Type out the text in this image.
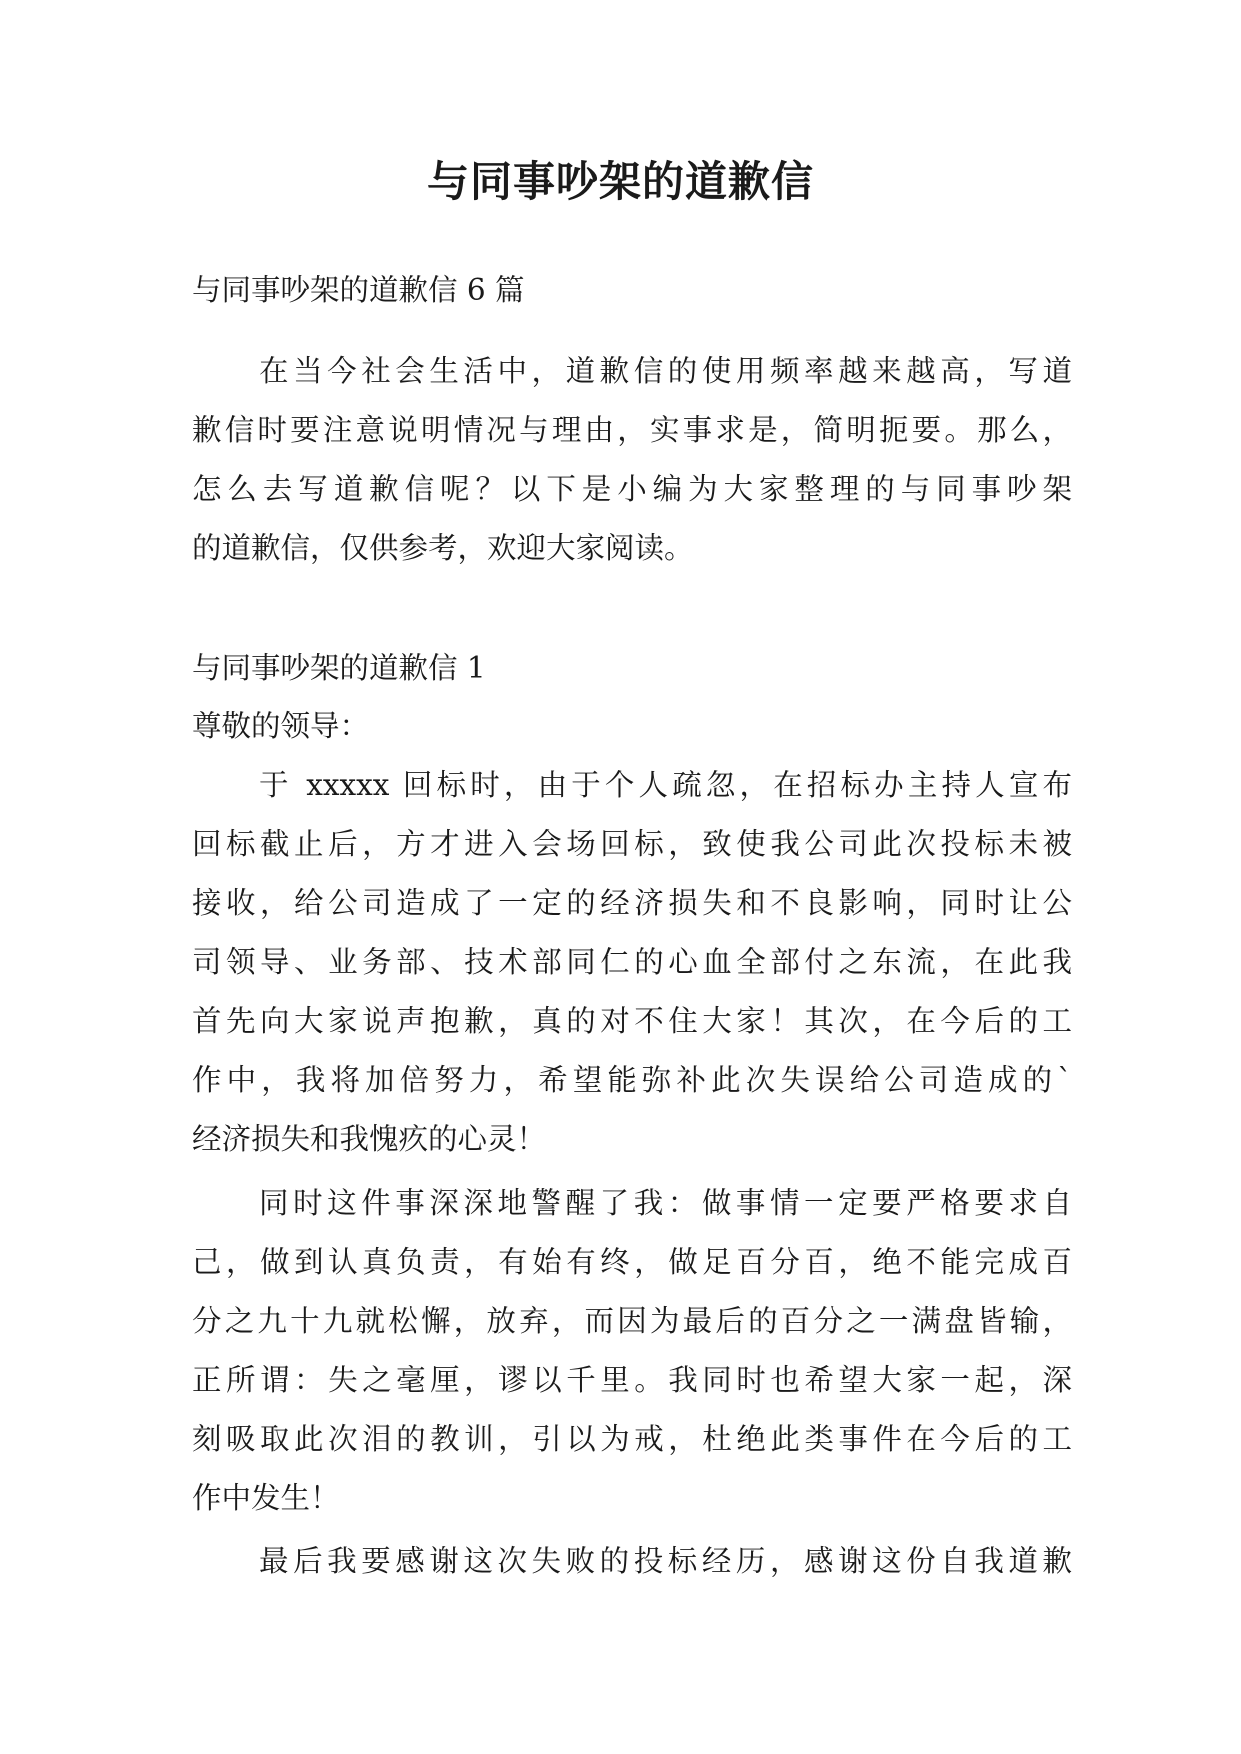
与同事吵架的道歉信

与同事吵架的道歉信 6 篇

在当今社会生活中，道歉信的使用频率越来越高，写道

歉信时要注意说明情况与理由，实事求是，简明扼要。那么，

怎么去写道歉信呢？以下是小编为大家整理的与同事吵架

的道歉信，仅供参考，欢迎大家阅读。

与同事吵架的道歉信 1

尊敬的领导：

于 xxxxx 回标时，由于个人疏忽，在招标办主持人宣布

回标截止后，方才进入会场回标，致使我公司此次投标未被

接收，给公司造成了一定的经济损失和不良影响，同时让公

司领导、业务部、技术部同仁的心血全部付之东流，在此我

首先向大家说声抱歉，真的对不住大家！其次，在今后的工

作中，我将加倍努力，希望能弥补此次失误给公司造成的`

经济损失和我愧疚的心灵！

同时这件事深深地警醒了我：做事情一定要严格要求自

己，做到认真负责，有始有终，做足百分百，绝不能完成百

分之九十九就松懈，放弃，而因为最后的百分之一满盘皆输，

正所谓：失之毫厘，谬以千里。我同时也希望大家一起，深

刻吸取此次泪的教训，引以为戒，杜绝此类事件在今后的工

作中发生！

最后我要感谢这次失败的投标经历，感谢这份自我道歉
